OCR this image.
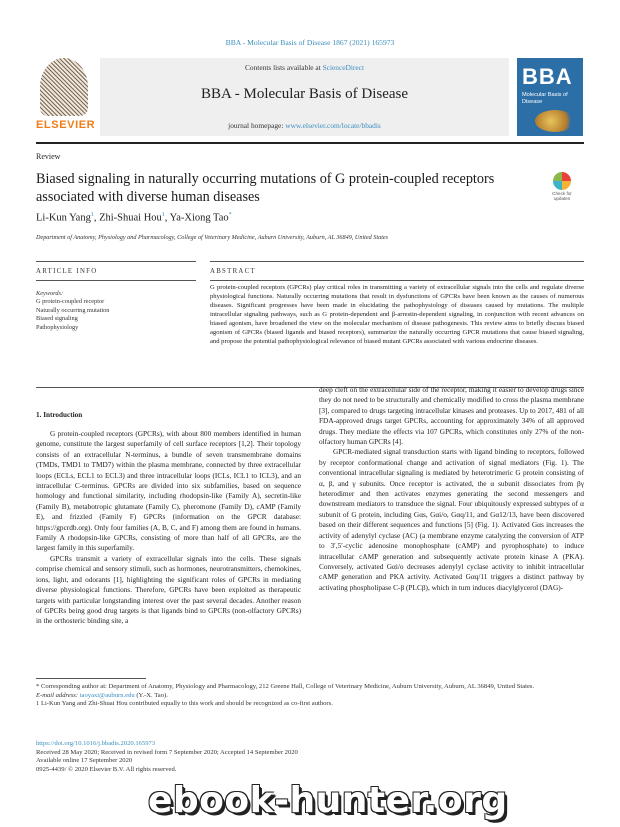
BBA - Molecular Basis of Disease 1867 (2021) 165973
ELSEVIER
Contents lists available at ScienceDirect
BBA - Molecular Basis of Disease
journal homepage: www.elsevier.com/locate/bbadis
BBA
Molecular Basis of Disease
Review
Biased signaling in naturally occurring mutations of G protein-coupled receptors associated with diverse human diseases	Check for updates
Li-Kun Yang$^1$, Zhi-Shuai Hou$^1$, Ya-Xiong Tao*
Department of Anatomy, Physiology and Pharmacology, College of Veterinary Medicine, Auburn University, Auburn, AL 36849, United States
ARTICLE INFO	ABSTRACT
Keywords:
G protein-coupled receptor
Naturally occurring mutation
Biased signaling
Pathophysiology
G protein-coupled receptors (GPCRs) play critical roles in transmitting a variety of extracellular signals into the cells and regulate diverse physiological functions. Naturally occurring mutations that result in dysfunctions of GPCRs have been known as the causes of numerous diseases. Significant progresses have been made in elucidating the pathophysiology of diseases caused by mutations. The multiple intracellular signaling pathways, such as G protein-dependent and β-arrestin-dependent signaling, in conjunction with recent advances on biased agonism, have broadened the view on the molecular mechanism of disease pathogenesis. This review aims to briefly discuss biased agonism of GPCRs (biased ligands and biased receptors), summarize the naturally occurring GPCR mutations that cause biased signaling, and propose the potential pathophysiological relevance of biased mutant GPCRs associated with various endocrine diseases.
1. Introduction

G protein-coupled receptors (GPCRs), with about 800 members identified in human genome, constitute the largest superfamily of cell surface receptors [1,2]. Their topology consists of an extracellular N-terminus, a bundle of seven transmembrane domains (TMDs, TMD1 to TMD7) within the plasma membrane, connected by three extracellular loops (ECLs, ECL1 to ECL3) and three intracellular loops (ICLs, ICL1 to ICL3), and an intracellular C-terminus. GPCRs are divided into six subfamilies, based on sequence homology and functional similarity, including rhodopsin-like (Family A), secretin-like (Family B), metabotropic glutamate (Family C), pheromone (Family D), cAMP (Family E), and frizzled (Family F) GPCRs (information on the GPCR database: https://gpcrdb.org). Only four families (A, B, C, and F) among them are found in humans. Family A rhodopsin-like GPCRs, consisting of more than half of all GPCRs, are the largest family in this superfamily.

GPCRs transmit a variety of extracellular signals into the cells. These signals comprise chemical and sensory stimuli, such as hormones, neurotransmitters, chemokines, ions, light, and odorants [1], highlighting the significant roles of GPCRs in mediating diverse physiological functions. Therefore, GPCRs have been exploited as therapeutic targets with particular longstanding interest over the past several decades. Another reason of GPCRs being good drug targets is that ligands bind to GPCRs (non-olfactory GPCRs) in the orthosteric binding site, a

deep cleft on the extracellular side of the receptor, making it easier to develop drugs since they do not need to be structurally and chemically modified to cross the plasma membrane [3], compared to drugs targeting intracellular kinases and proteases. Up to 2017, 481 of all FDA-approved drugs target GPCRs, accounting for approximately 34% of all approved drugs. They mediate the effects via 107 GPCRs, which constitutes only 27% of the non-olfactory human GPCRs [4].

GPCR-mediated signal transduction starts with ligand binding to receptors, followed by receptor conformational change and activation of signal mediators (Fig. 1). The conventional intracellular signaling is mediated by heterotrimeric G protein consisting of α, β, and γ subunits. Once receptor is activated, the α subunit dissociates from βγ heterodimer and then activates enzymes generating the second messengers and downstream mediators to transduce the signal. Four ubiquitously expressed subtypes of α subunit of G protein, including Gαs, Gαi/o, Gαq/11, and Gα12/13, have been discovered based on their different sequences and functions [5] (Fig. 1). Activated Gαs increases the activity of adenylyl cyclase (AC) (a membrane enzyme catalyzing the conversion of ATP to 3′,5′-cyclic adenosine monophosphate (cAMP) and pyrophosphate) to induce intracellular cAMP generation and subsequently activate protein kinase A (PKA). Conversely, activated Gαi/o decreases adenylyl cyclase activity to inhibit intracellular cAMP generation and PKA activity. Activated Gαq/11 triggers a distinct pathway by activating phospholipase C-β (PLCβ), which in turn induces diacylglycerol (DAG)-

* Corresponding author at: Department of Anatomy, Physiology and Pharmacology, 212 Greene Hall, College of Veterinary Medicine, Auburn University, Auburn, AL 36849, United States.
E-mail address: taoyaxi@auburn.edu (Y.-X. Tao).
1 Li-Kun Yang and Zhi-Shuai Hou contributed equally to this work and should be recognized as co-first authors.
https://doi.org/10.1016/j.bbadis.2020.165973
Received 28 May 2020; Received in revised form 7 September 2020; Accepted 14 September 2020
Available online 17 September 2020
0925-4439/ © 2020 Elsevier B.V. All rights reserved.
ebook-hunter.org
